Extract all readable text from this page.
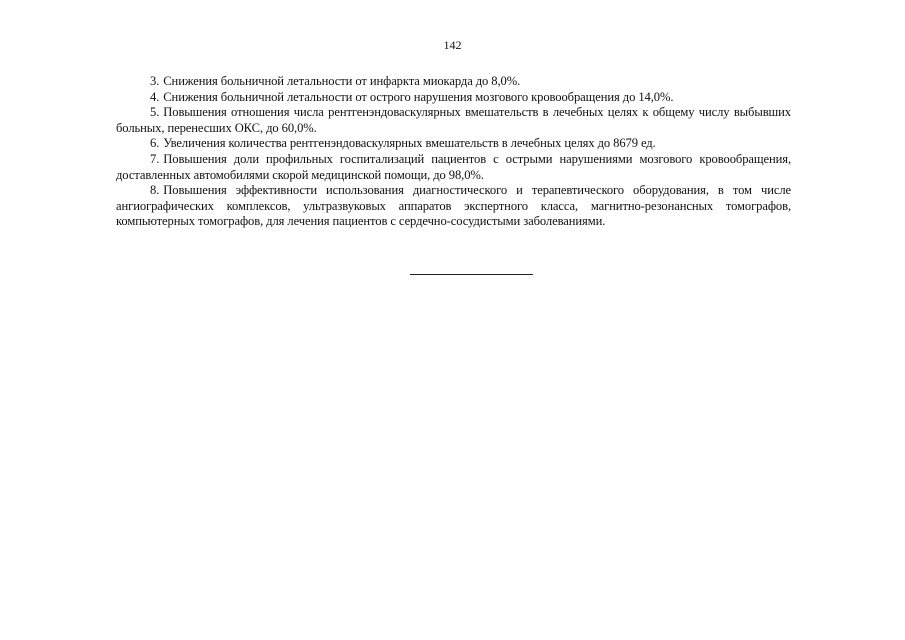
142

3. Снижения больничной летальности от инфаркта миокарда до 8,0%.

4. Снижения больничной летальности от острого нарушения мозгового кровообращения до 14,0%.

5. Повышения отношения числа рентгенэндоваскулярных вмешательств в лечебных целях к общему числу выбывших больных, перенесших ОКС, до 60,0%.

6. Увеличения количества рентгенэндоваскулярных вмешательств в лечебных целях до 8679 ед.

7. Повышения доли профильных госпитализаций пациентов с острыми нарушениями мозгового кровообращения, доставленных автомобилями скорой медицинской помощи, до 98,0%.

8. Повышения эффективности использования диагностического и терапевтического оборудования, в том числе ангиографических комплексов, ультразвуковых аппаратов экспертного класса, магнитно-резонансных томографов, компьютерных томографов, для лечения пациентов с сердечно-сосудистыми заболеваниями.
